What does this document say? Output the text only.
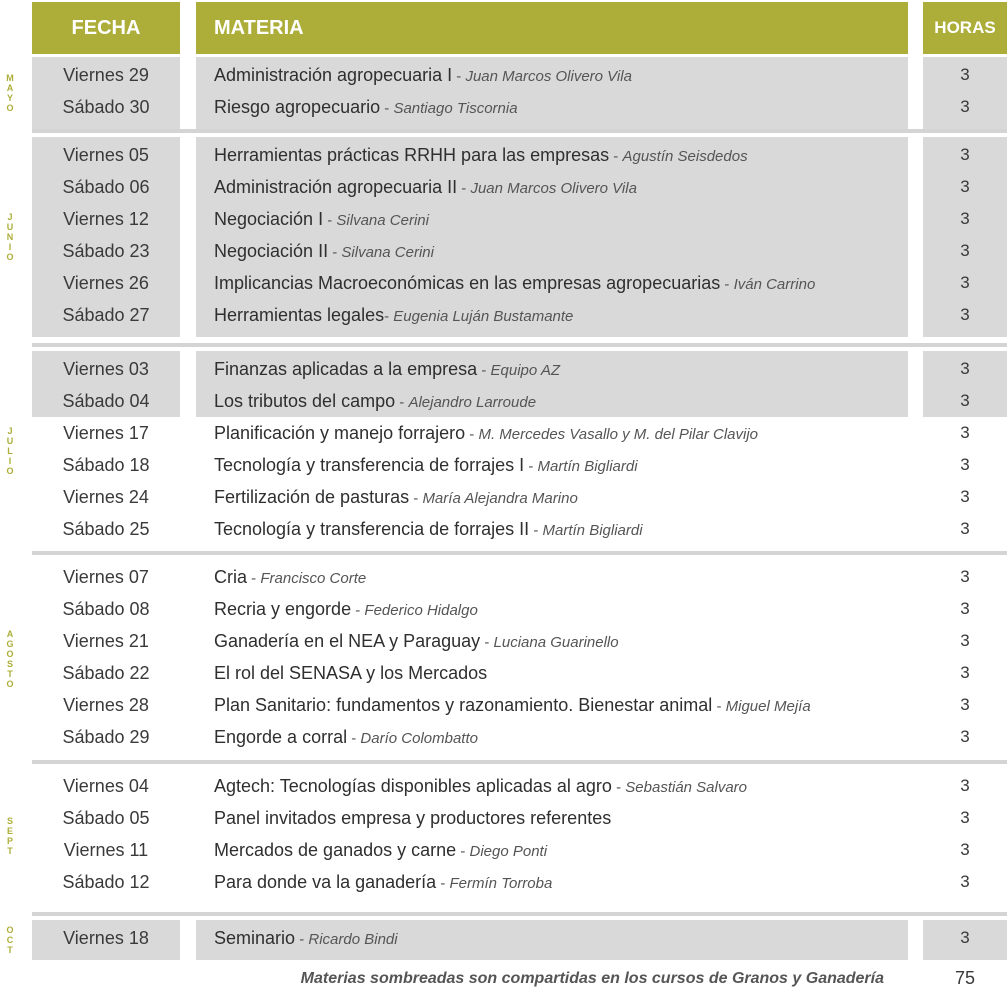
FECHA	MATERIA	HORAS
M
A
Y
O
Viernes 29	Administración agropecuaria I - Juan Marcos Olivero Vila	3
Sábado 30	Riesgo agropecuario - Santiago Tiscornia	3
J
U
N
I
O
Viernes 05	Herramientas prácticas RRHH para las empresas - Agustín Seisdedos	3
Sábado 06	Administración agropecuaria II - Juan Marcos Olivero Vila	3
Viernes 12	Negociación I - Silvana Cerini	3
Sábado 23	Negociación II - Silvana Cerini	3
Viernes 26	Implicancias Macroeconómicas en las empresas agropecuarias - Iván Carrino	3
Sábado 27	Herramientas legales- Eugenia Luján Bustamante	3
J
U
L
I
O
Viernes 03	Finanzas aplicadas a la empresa - Equipo AZ	3
Sábado 04	Los tributos del campo - Alejandro Larroude	3
Viernes 17	Planificación y manejo forrajero - M. Mercedes Vasallo y M. del Pilar Clavijo	3
Sábado 18	Tecnología y transferencia de forrajes I - Martín Bigliardi	3
Viernes 24	Fertilización de pasturas - María Alejandra Marino	3
Sábado 25	Tecnología y transferencia de forrajes II - Martín Bigliardi	3
A
G
O
S
T
O
Viernes 07	Cria - Francisco Corte	3
Sábado 08	Recria y engorde - Federico Hidalgo	3
Viernes 21	Ganadería en el NEA y Paraguay - Luciana Guarinello	3
Sábado 22	El rol del SENASA y los Mercados	3
Viernes 28	Plan Sanitario: fundamentos y razonamiento. Bienestar animal - Miguel Mejía	3
Sábado 29	Engorde a corral - Darío Colombatto	3
S
E
P
T
Viernes 04	Agtech: Tecnologías disponibles aplicadas al agro - Sebastián Salvaro	3
Sábado 05	Panel invitados empresa y productores referentes	3
Viernes 11	Mercados de ganados y carne - Diego Ponti	3
Sábado 12	Para donde va la ganadería - Fermín Torroba	3
O
C
T
Viernes 18	Seminario - Ricardo Bindi	3
Materias sombreadas son compartidas en los cursos de Granos y Ganadería	75
